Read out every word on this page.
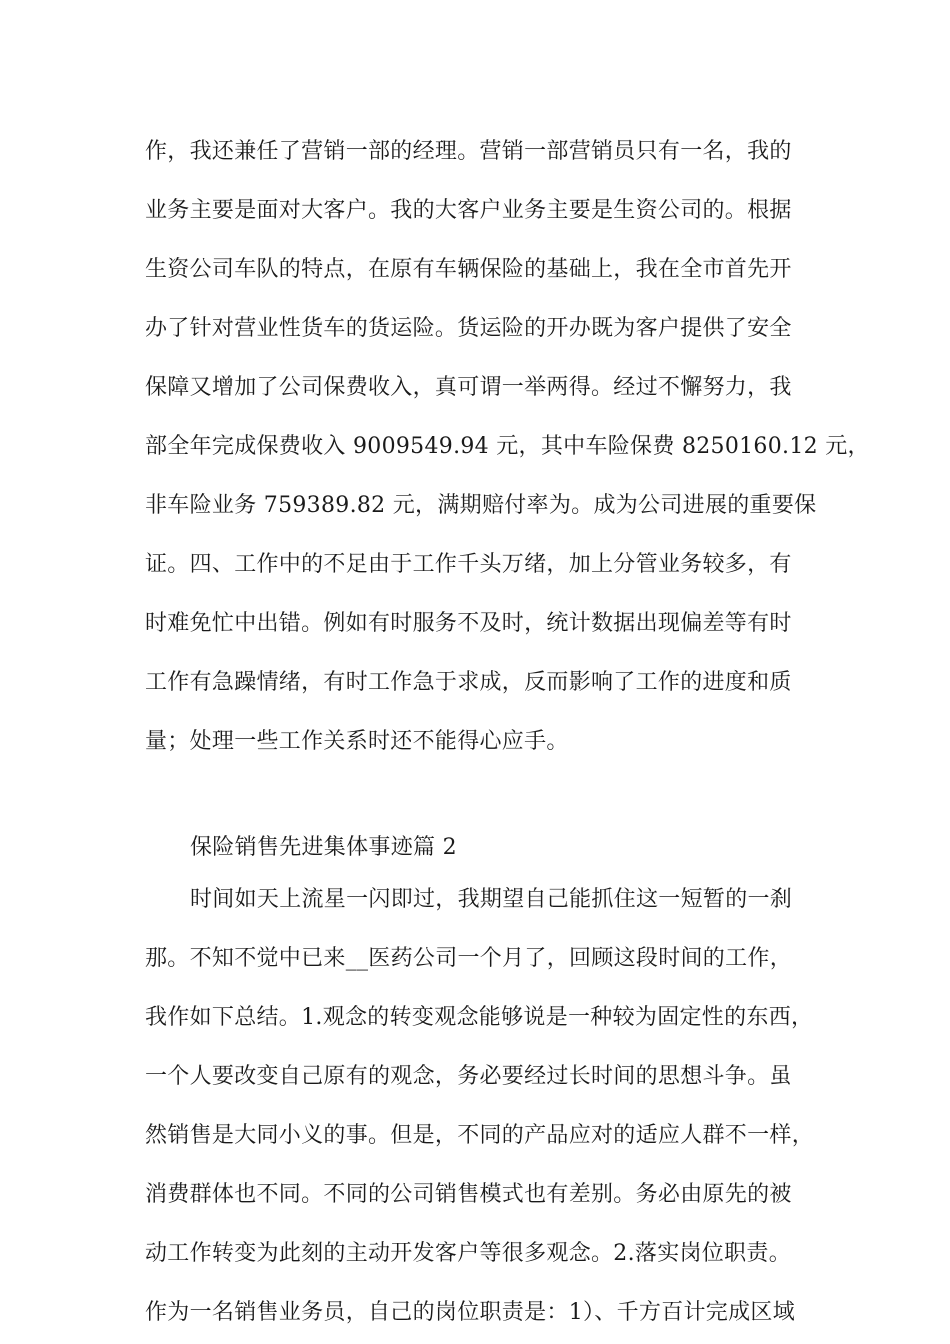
作，我还兼任了营销一部的经理。营销一部营销员只有一名，我的
业务主要是面对大客户。我的大客户业务主要是生资公司的。根据
生资公司车队的特点，在原有车辆保险的基础上，我在全市首先开
办了针对营业性货车的货运险。货运险的开办既为客户提供了安全
保障又增加了公司保费收入，真可谓一举两得。经过不懈努力，我
部全年完成保费收入 9009549.94 元，其中车险保费 8250160.12 元，
非车险业务 759389.82 元，满期赔付率为。成为公司进展的重要保
证。四、工作中的不足由于工作千头万绪，加上分管业务较多，有
时难免忙中出错。例如有时服务不及时，统计数据出现偏差等有时
工作有急躁情绪，有时工作急于求成，反而影响了工作的进度和质
量；处理一些工作关系时还不能得心应手。
保险销售先进集体事迹篇 2
时间如天上流星一闪即过，我期望自己能抓住这一短暂的一刹
那。不知不觉中已来__医药公司一个月了，回顾这段时间的工作，
我作如下总结。1.观念的转变观念能够说是一种较为固定性的东西，
一个人要改变自己原有的观念，务必要经过长时间的思想斗争。虽
然销售是大同小义的事。但是，不同的产品应对的适应人群不一样，
消费群体也不同。不同的公司销售模式也有差别。务必由原先的被
动工作转变为此刻的主动开发客户等很多观念。2.落实岗位职责。
作为一名销售业务员，自己的岗位职责是：1）、千方百计完成区域
